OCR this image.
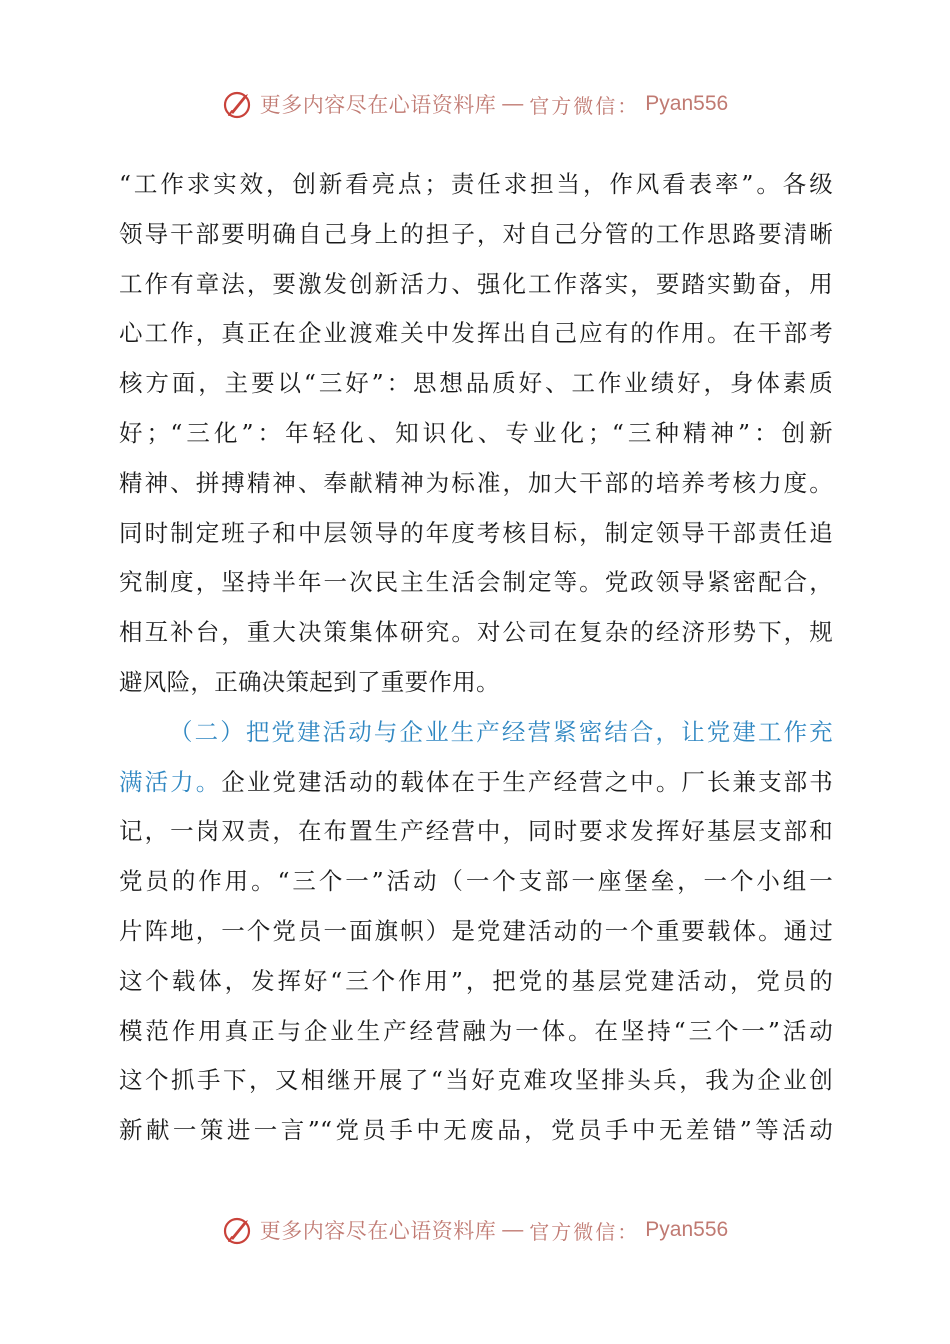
更多内容尽在心语资料库 — 官方微信： Pyan556
“工作求实效，创新看亮点；责任求担当，作风看表率”。各级
领导干部要明确自己身上的担子，对自己分管的工作思路要清晰
工作有章法，要激发创新活力、强化工作落实，要踏实勤奋，用
心工作，真正在企业渡难关中发挥出自己应有的作用。在干部考
核方面，主要以“三好”：思想品质好、工作业绩好，身体素质
好；“三化”：年轻化、知识化、专业化；“三种精神”：创新
精神、拼搏精神、奉献精神为标准，加大干部的培养考核力度。
同时制定班子和中层领导的年度考核目标，制定领导干部责任追
究制度，坚持半年一次民主生活会制定等。党政领导紧密配合，
相互补台，重大决策集体研究。对公司在复杂的经济形势下，规
避风险，正确决策起到了重要作用。
（二）把党建活动与企业生产经营紧密结合，让党建工作充
满活力。企业党建活动的载体在于生产经营之中。厂长兼支部书
记，一岗双责，在布置生产经营中，同时要求发挥好基层支部和
党员的作用。“三个一”活动（一个支部一座堡垒，一个小组一
片阵地，一个党员一面旗帜）是党建活动的一个重要载体。通过
这个载体，发挥好“三个作用”，把党的基层党建活动，党员的
模范作用真正与企业生产经营融为一体。在坚持“三个一”活动
这个抓手下，又相继开展了“当好克难攻坚排头兵，我为企业创
新献一策进一言”“党员手中无废品，党员手中无差错”等活动
更多内容尽在心语资料库 — 官方微信： Pyan556
